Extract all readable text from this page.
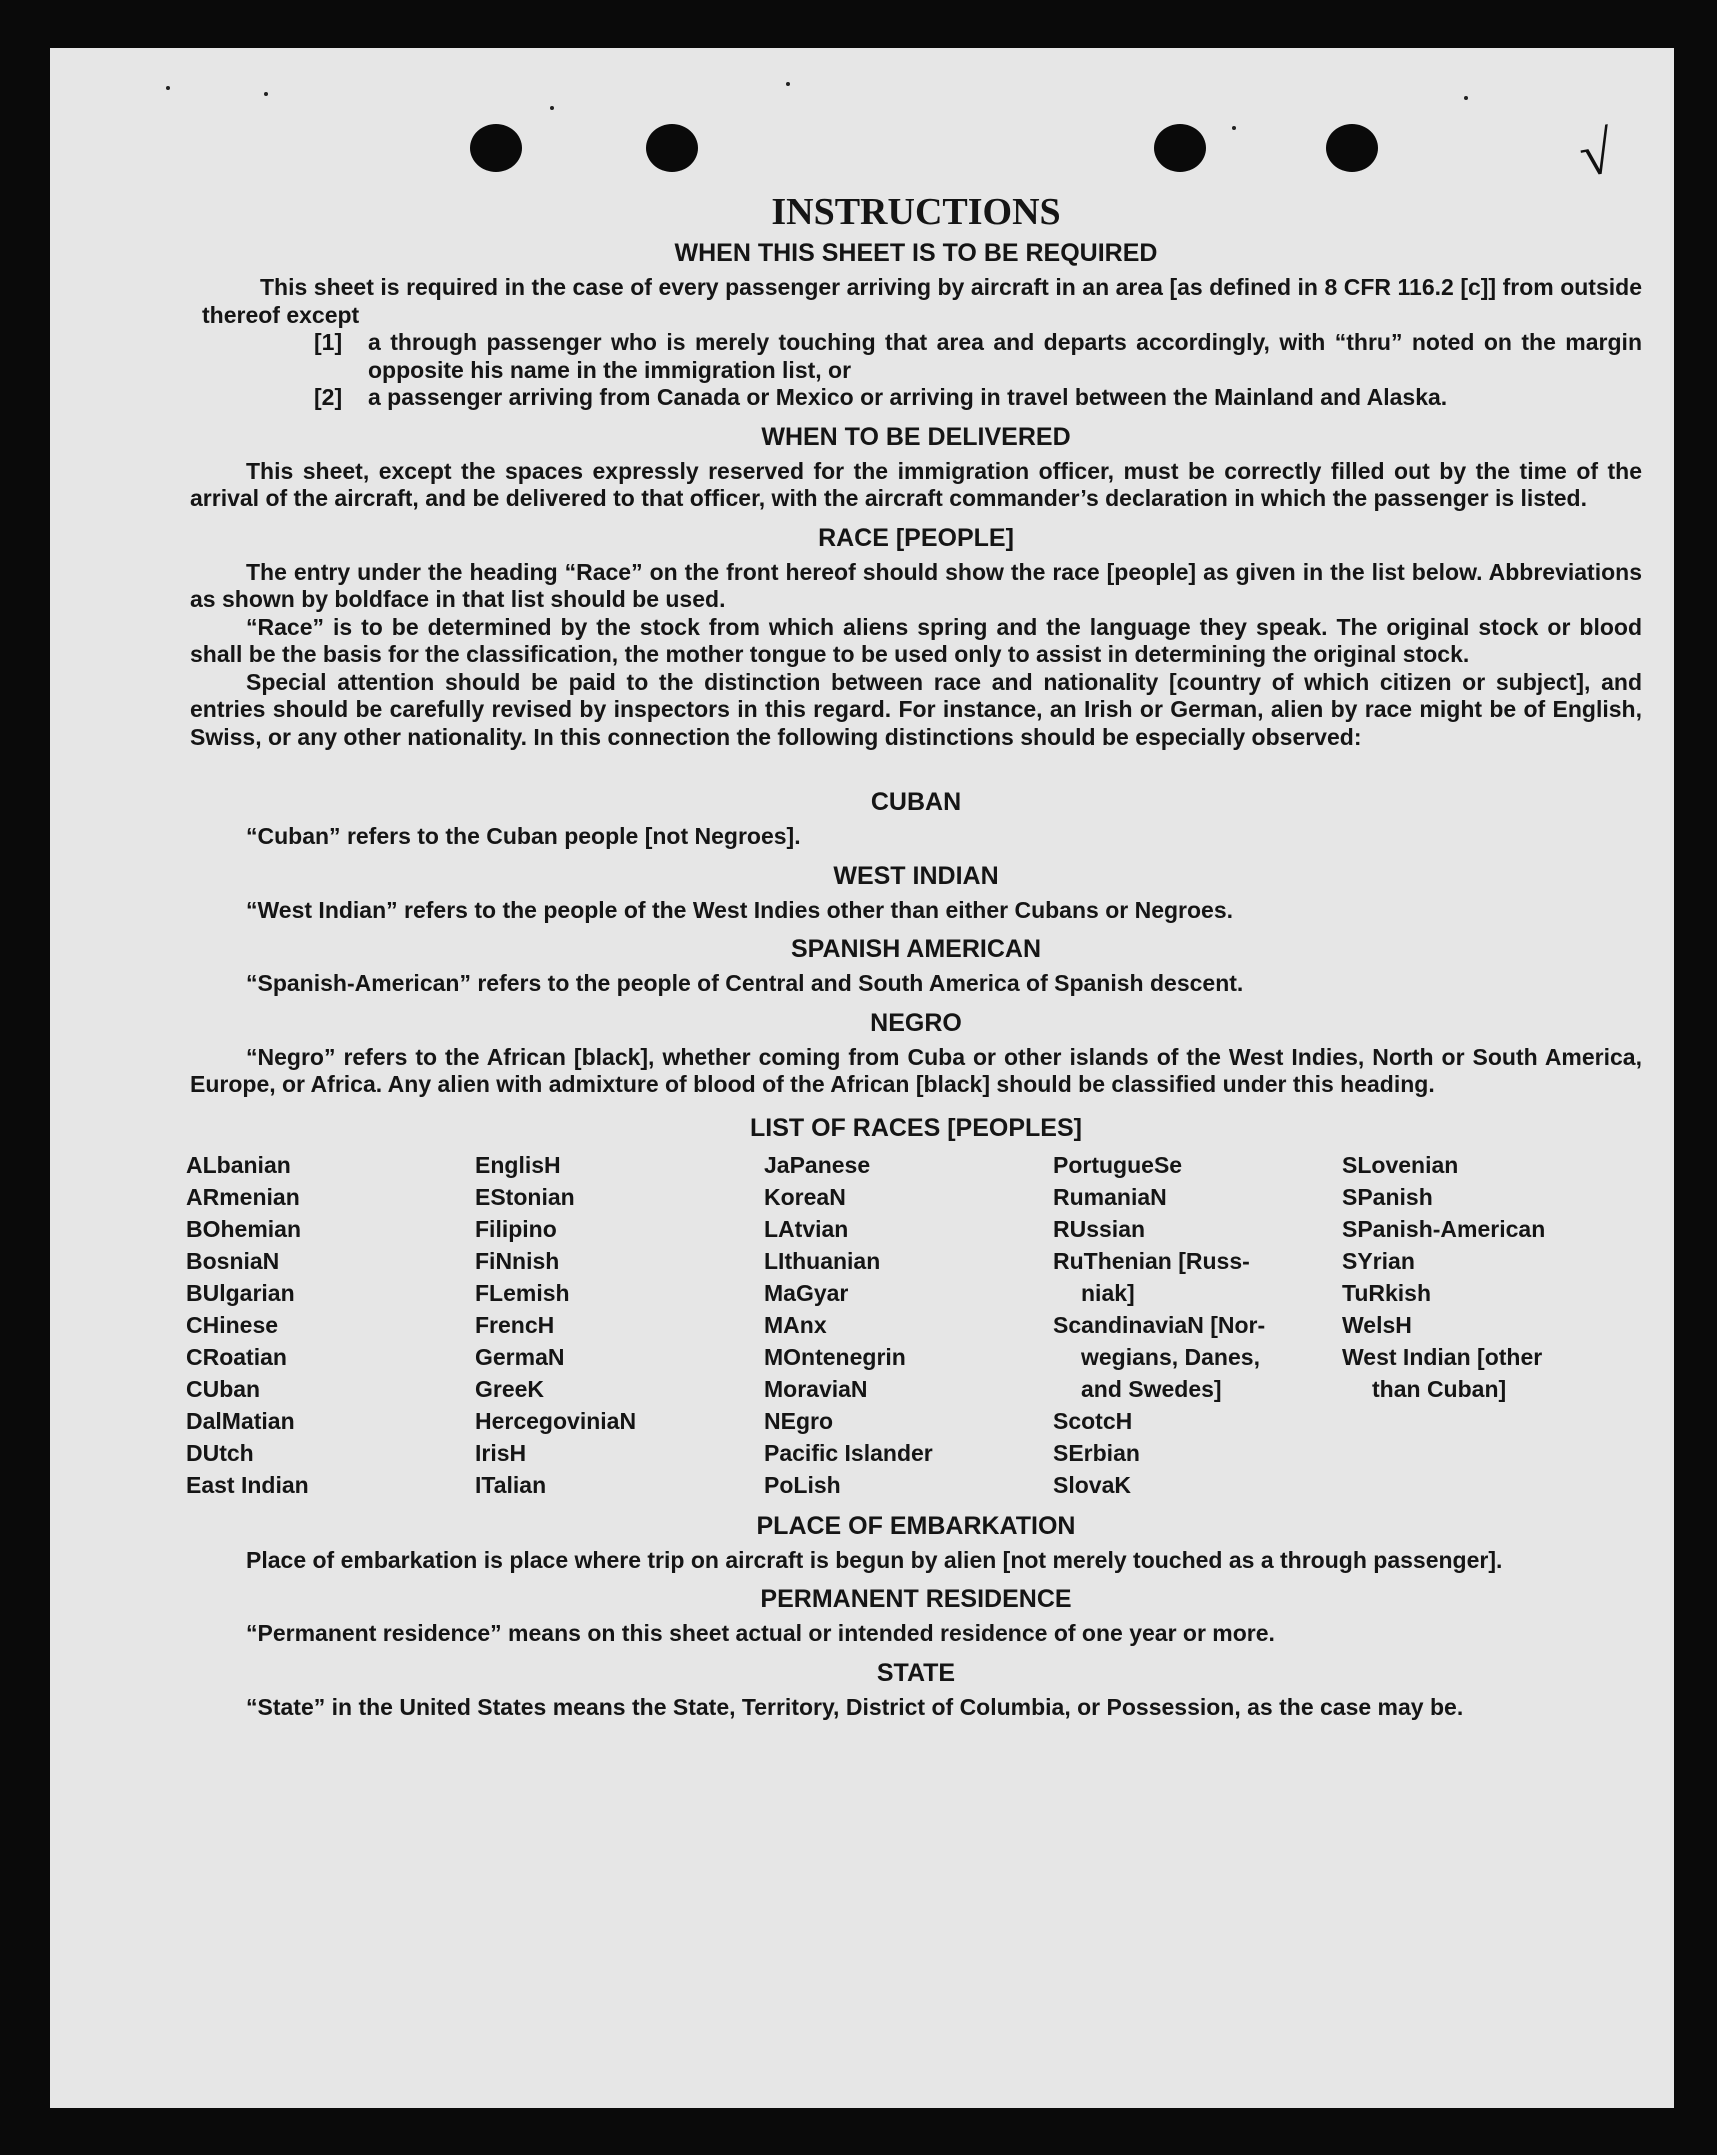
√
INSTRUCTIONS
WHEN THIS SHEET IS TO BE REQUIRED

This sheet is required in the case of every passenger arriving by aircraft in an area [as defined in 8 CFR 116.2 [c]] from outside thereof except

[1]	a through passenger who is merely touching that area and departs accordingly, with “thru” noted on the margin opposite his name in the immigration list, or
[2]	a passenger arriving from Canada or Mexico or arriving in travel between the Mainland and Alaska.
WHEN TO BE DELIVERED

This sheet, except the spaces expressly reserved for the immigration officer, must be correctly filled out by the time of the arrival of the aircraft, and be delivered to that officer, with the aircraft commander’s declaration in which the passenger is listed.

RACE [PEOPLE]

The entry under the heading “Race” on the front hereof should show the race [people] as given in the list below. Abbreviations as shown by boldface in that list should be used.

“Race” is to be determined by the stock from which aliens spring and the language they speak. The original stock or blood shall be the basis for the classification, the mother tongue to be used only to assist in determining the original stock.

Special attention should be paid to the distinction between race and nationality [country of which citizen or subject], and entries should be carefully revised by inspectors in this regard. For instance, an Irish or German, alien by race might be of English, Swiss, or any other nationality. In this connection the following distinctions should be especially observed:

CUBAN

“Cuban” refers to the Cuban people [not Negroes].

WEST INDIAN

“West Indian” refers to the people of the West Indies other than either Cubans or Negroes.

SPANISH AMERICAN

“Spanish-American” refers to the people of Central and South America of Spanish descent.

NEGRO

“Negro” refers to the African [black], whether coming from Cuba or other islands of the West Indies, North or South America, Europe, or Africa. Any alien with admixture of blood of the African [black] should be classified under this heading.

LIST OF RACES [PEOPLES]
ALbanian
ARmenian
BOhemian
BosniaN
BUlgarian
CHinese
CRoatian
CUban
DalMatian
DUtch
East Indian
EnglisH
EStonian
Filipino
FiNnish
FLemish
FrencH
GermaN
GreeK
HercegoviniaN
IrisH
ITalian
JaPanese
KoreaN
LAtvian
LIthuanian
MaGyar
MAnx
MOntenegrin
MoraviaN
NEgro
Pacific Islander
PoLish
PortugueSe
RumaniaN
RUssian
RuThenian [Russ-
niak]
ScandinaviaN [Nor-
wegians, Danes,
and Swedes]
ScotcH
SErbian
SlovaK
SLovenian
SPanish
SPanish-American
SYrian
TuRkish
WelsH
West Indian [other
than Cuban]
PLACE OF EMBARKATION

Place of embarkation is place where trip on aircraft is begun by alien [not merely touched as a through passenger].

PERMANENT RESIDENCE

“Permanent residence” means on this sheet actual or intended residence of one year or more.

STATE

“State” in the United States means the State, Territory, District of Columbia, or Possession, as the case may be.
